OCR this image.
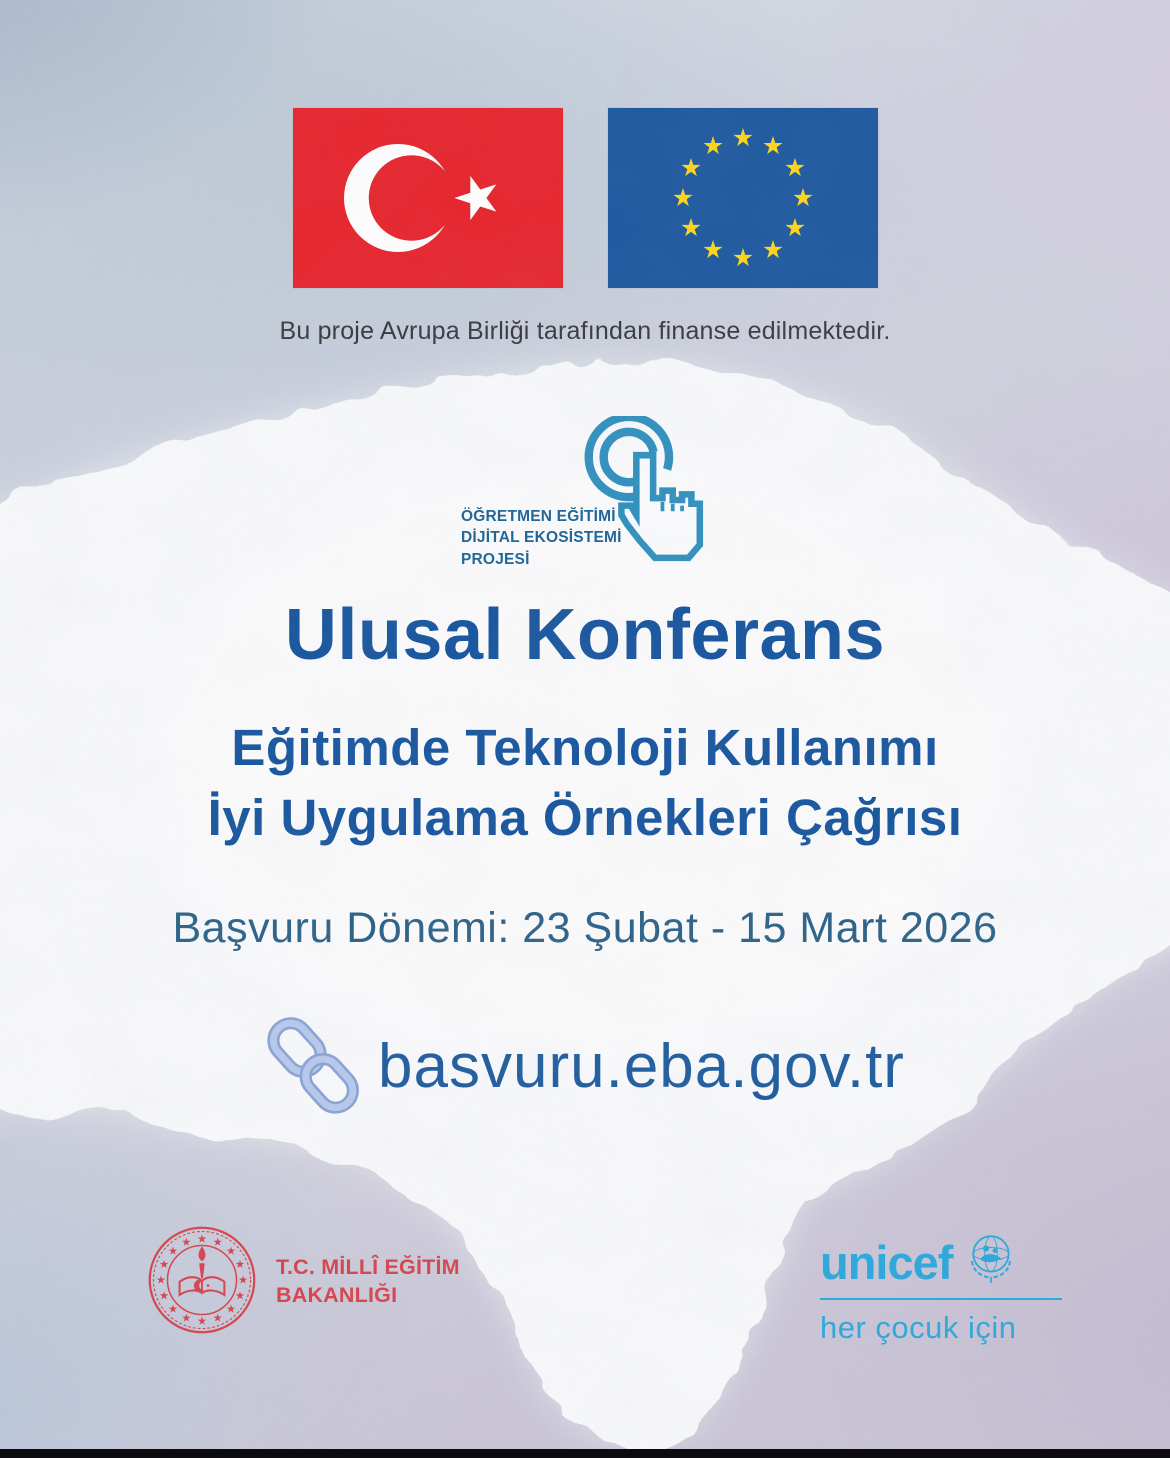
Bu proje Avrupa Birliği tarafından finanse edilmektedir.
ÖĞRETMEN EĞİTİMİ
DİJİTAL EKOSİSTEMİ PROJESİ
Ulusal Konferans
Eğitimde Teknoloji Kullanımı
İyi Uygulama Örnekleri Çağrısı
Başvuru Dönemi: 23 Şubat - 15 Mart 2026
basvuru.eba.gov.tr
T.C. MİLLÎ EĞİTİM
BAKANLIĞI
unicef
her çocuk için
